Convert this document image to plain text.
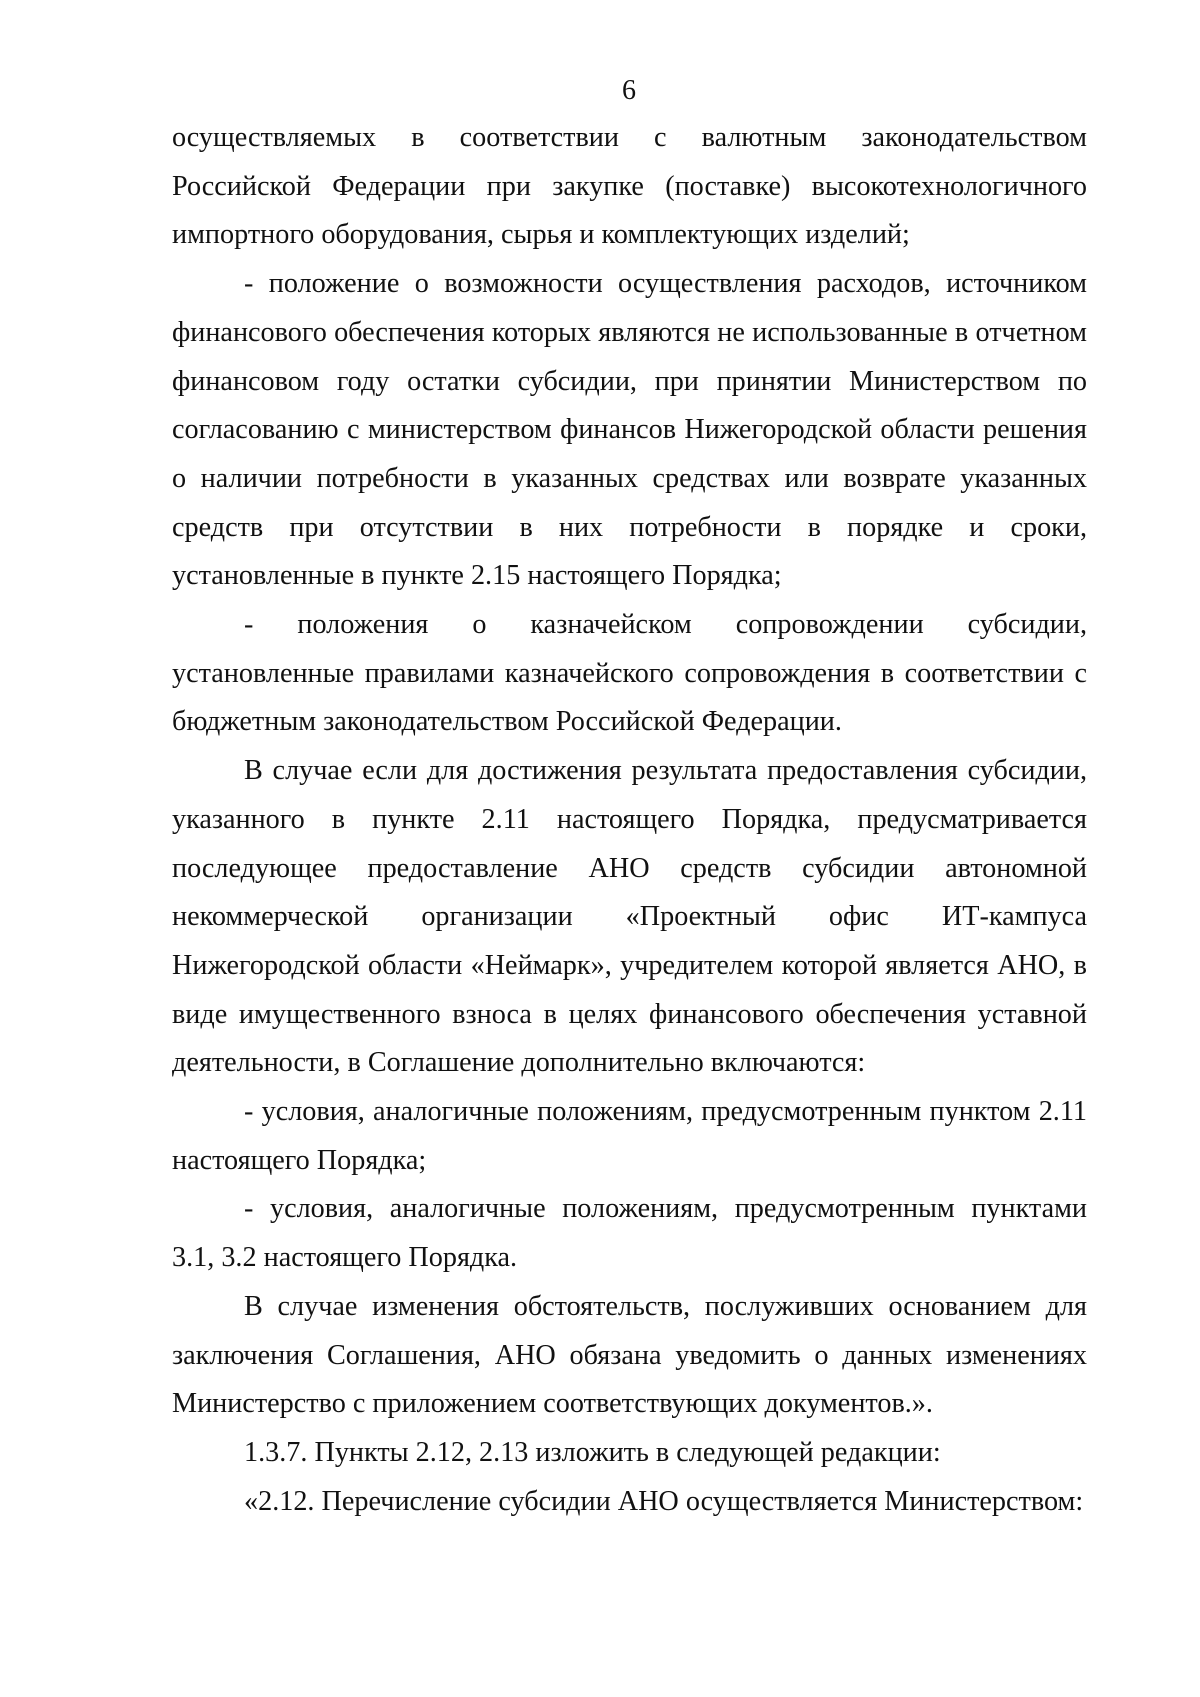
6

осуществляемых в соответствии с валютным законодательством Российской Федерации при закупке (поставке) высокотехнологичного импортного оборудования, сырья и комплектующих изделий;

- положение о возможности осуществления расходов, источником финансового обеспечения которых являются не использованные в отчетном финансовом году остатки субсидии, при принятии Министерством по согласованию с министерством финансов Нижегородской области решения о наличии потребности в указанных средствах или возврате указанных средств при отсутствии в них потребности в порядке и сроки, установленные в пункте 2.15 настоящего Порядка;

- положения о казначейском сопровождении субсидии, установленные правилами казначейского сопровождения в соответствии с бюджетным законодательством Российской Федерации.

В случае если для достижения результата предоставления субсидии, указанного в пункте 2.11 настоящего Порядка, предусматривается последующее предоставление АНО средств субсидии автономной некоммерческой организации «Проектный офис ИТ-кампуса Нижегородской области «Неймарк», учредителем которой является АНО, в виде имущественного взноса в целях финансового обеспечения уставной деятельности, в Соглашение дополнительно включаются:

- условия, аналогичные положениям, предусмотренным пунктом 2.11 настоящего Порядка;

- условия, аналогичные положениям, предусмотренным пунктами 3.1, 3.2 настоящего Порядка.

В случае изменения обстоятельств, послуживших основанием для заключения Соглашения, АНО обязана уведомить о данных изменениях Министерство с приложением соответствующих документов.».

1.3.7. Пункты 2.12, 2.13 изложить в следующей редакции:

«2.12. Перечисление субсидии АНО осуществляется Министерством:
